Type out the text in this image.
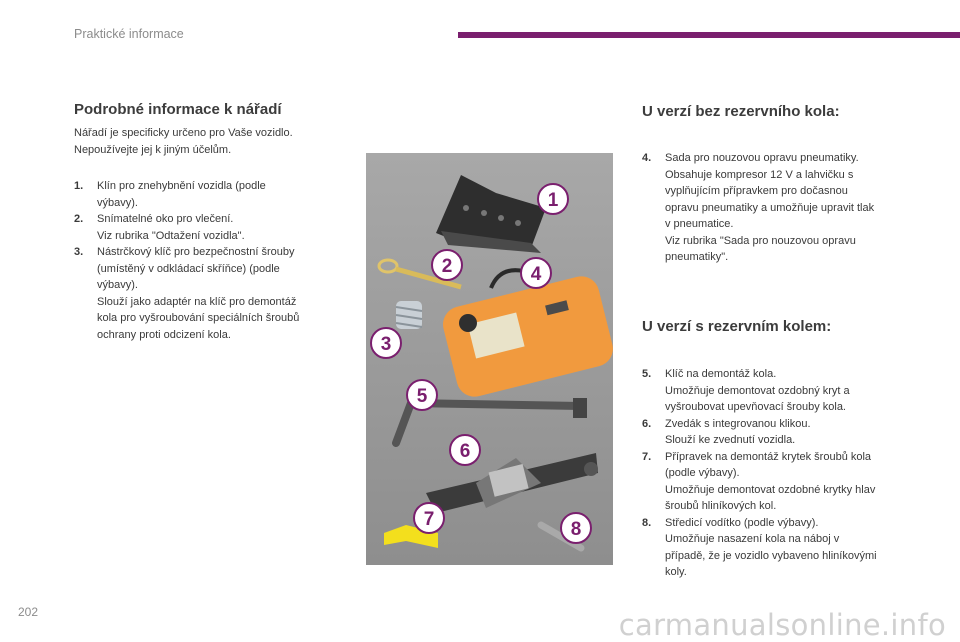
Praktické informace
Podrobné informace k nářadí
Nářadí je specificky určeno pro Vaše vozidlo.
Nepoužívejte jej k jiným účelům.
1.	Klín pro znehybnění vozidla (podle
výbavy).
2.	Snímatelné oko pro vlečení.
Viz rubrika "Odtažení vozidla".
3.	Nástrčkový klíč pro bezpečnostní šrouby
(umístěný v odkládací skříňce) (podle
výbavy).
Slouží jako adaptér na klíč pro demontáž
kola pro vyšroubování speciálních šroubů
ochrany proti odcizení kola.
1
2
3
4
5
6
7	8
U verzí bez rezervního kola:
4.	Sada pro nouzovou opravu pneumatiky.
Obsahuje kompresor 12 V a lahvičku s
vyplňujícím přípravkem pro dočasnou
opravu pneumatiky a umožňuje upravit tlak
v pneumatice.
Viz rubrika "Sada pro nouzovou opravu
pneumatiky".
U verzí s rezervním kolem:
5.	Klíč na demontáž kola.
Umožňuje demontovat ozdobný kryt a
vyšroubovat upevňovací šrouby kola.
6.	Zvedák s integrovanou klikou.
Slouží ke zvednutí vozidla.
7.	Přípravek na demontáž krytek šroubů kola
(podle výbavy).
Umožňuje demontovat ozdobné krytky hlav
šroubů hliníkových kol.
8.	Středicí vodítko (podle výbavy).
Umožňuje nasazení kola na náboj v
případě, že je vozidlo vybaveno hliníkovými
koly.
202	carmanualsonline.info
